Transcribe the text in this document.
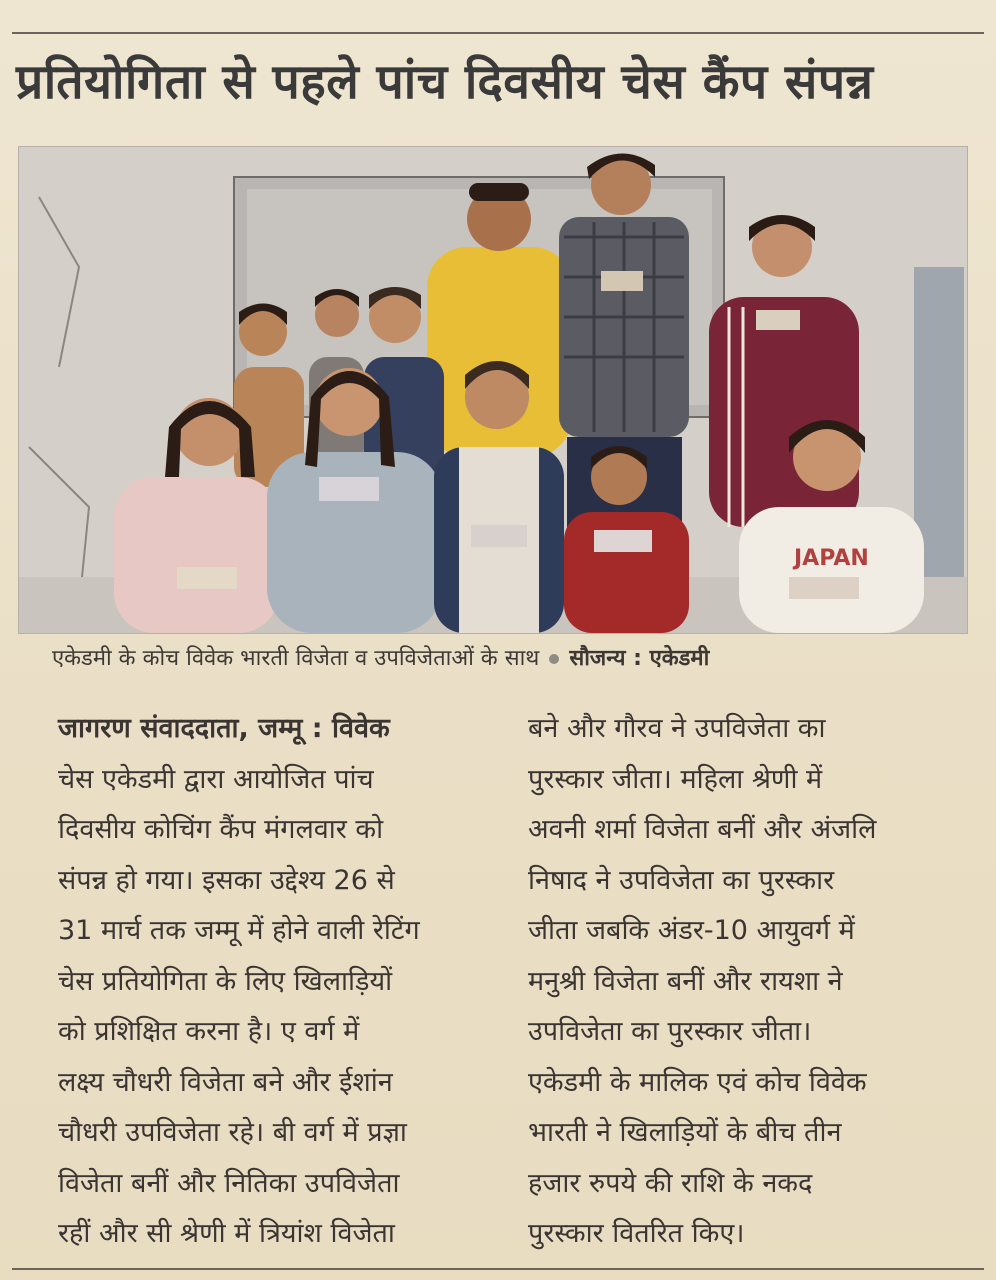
प्रतियोगिता से पहले पांच दिवसीय चेस कैंप संपन्न
JAPAN
एकेडमी के कोच विवेक भारती विजेता व उपविजेताओं के साथ सौजन्य : एकेडमी

जागरण संवाददाता, जम्मू : विवेक
चेस एकेडमी द्वारा आयोजित पांच
दिवसीय कोचिंग कैंप मंगलवार को
संपन्न हो गया। इसका उद्देश्य 26 से
31 मार्च तक जम्मू में होने वाली रेटिंग
चेस प्रतियोगिता के लिए खिलाड़ियों
को प्रशिक्षित करना है। ए वर्ग में
लक्ष्य चौधरी विजेता बने और ईशांन
चौधरी उपविजेता रहे। बी वर्ग में प्रज्ञा
विजेता बनीं और नितिका उपविजेता
रहीं और सी श्रेणी में त्रियांश विजेता

बने और गौरव ने उपविजेता का
पुरस्कार जीता। महिला श्रेणी में
अवनी शर्मा विजेता बनीं और अंजलि
निषाद ने उपविजेता का पुरस्कार
जीता जबकि अंडर-10 आयुवर्ग में
मनुश्री विजेता बनीं और रायशा ने
उपविजेता का पुरस्कार जीता।
एकेडमी के मालिक एवं कोच विवेक
भारती ने खिलाड़ियों के बीच तीन
हजार रुपये की राशि के नकद
पुरस्कार वितरित किए।
